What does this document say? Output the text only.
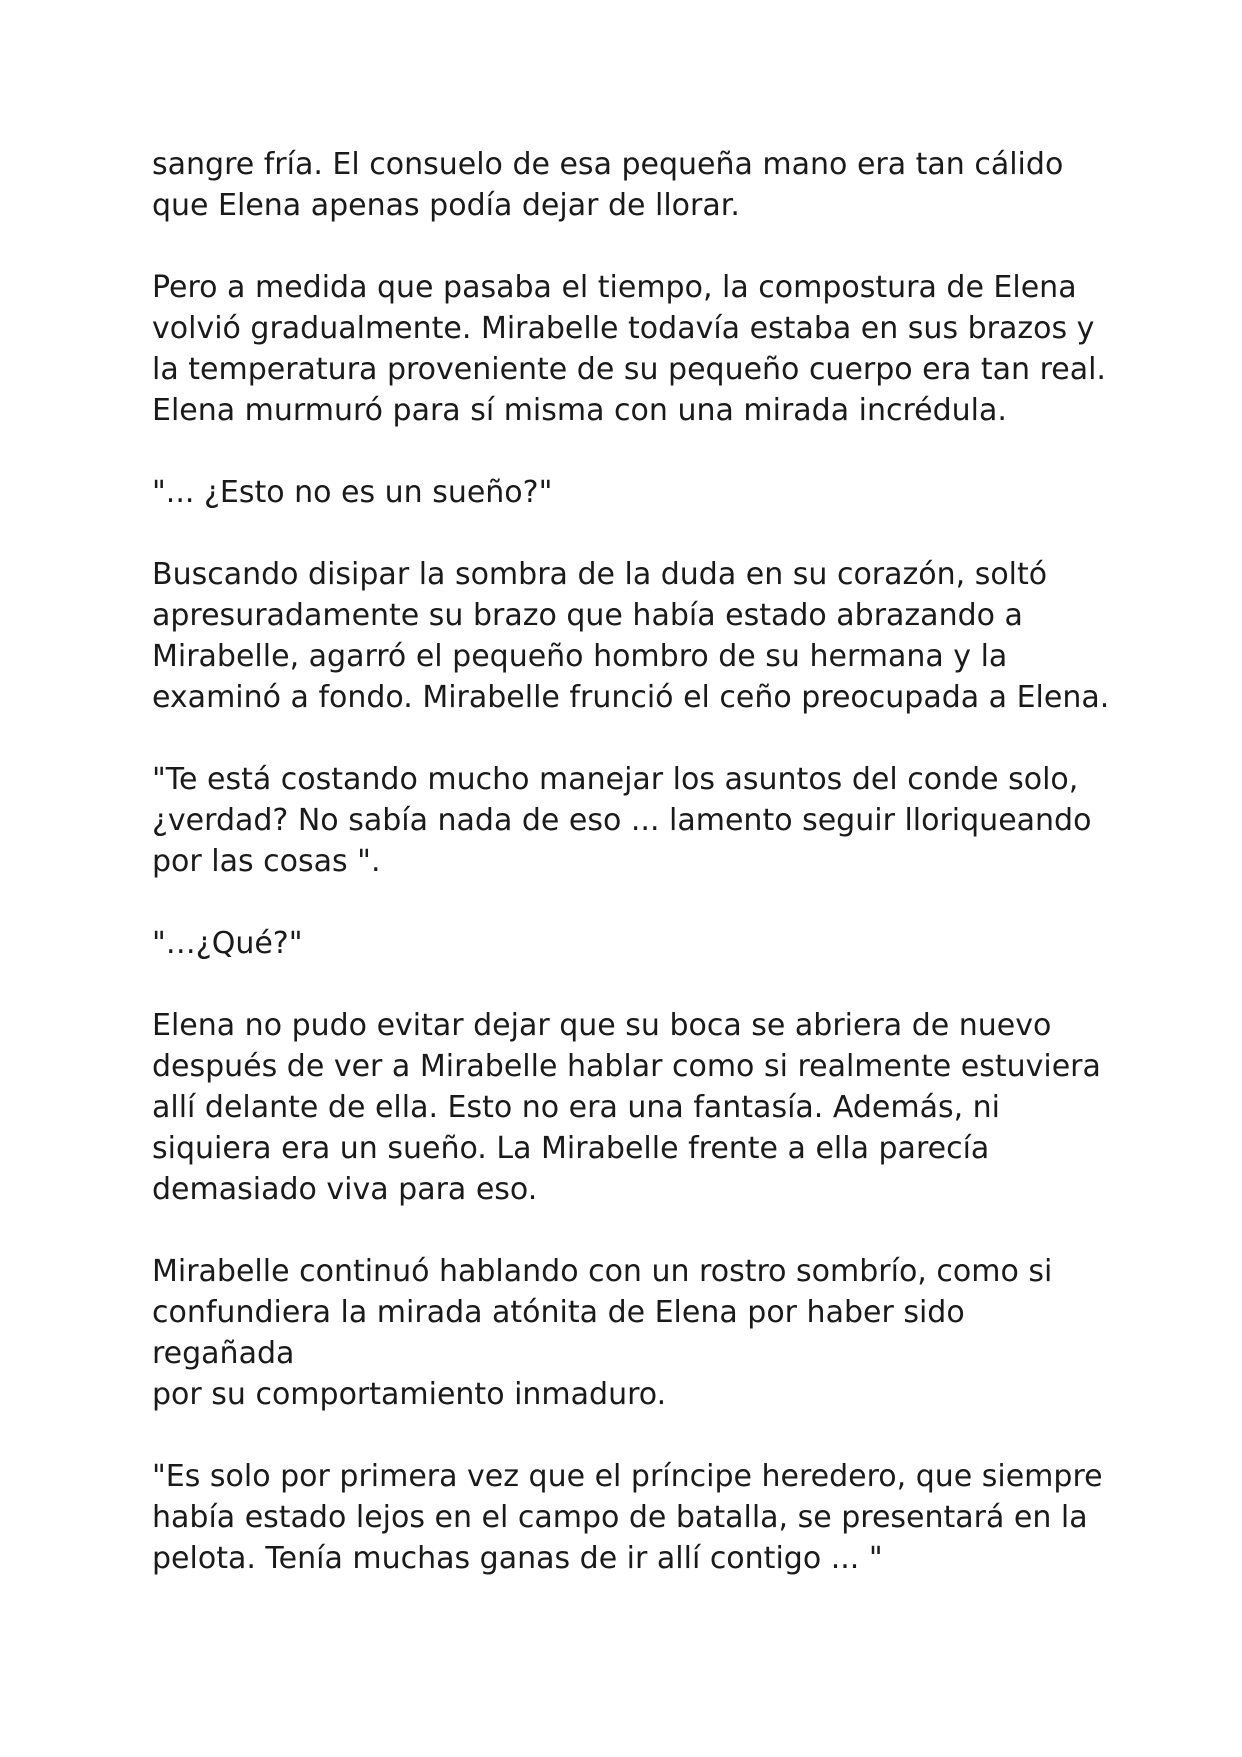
sangre fría. El consuelo de esa pequeña mano era tan cálido
que Elena apenas podía dejar de llorar.

Pero a medida que pasaba el tiempo, la compostura de Elena
volvió gradualmente. Mirabelle todavía estaba en sus brazos y
la temperatura proveniente de su pequeño cuerpo era tan real.
Elena murmuró para sí misma con una mirada incrédula.

"... ¿Esto no es un sueño?"

Buscando disipar la sombra de la duda en su corazón, soltó
apresuradamente su brazo que había estado abrazando a
Mirabelle, agarró el pequeño hombro de su hermana y la
examinó a fondo. Mirabelle frunció el ceño preocupada a Elena.

"Te está costando mucho manejar los asuntos del conde solo,
¿verdad? No sabía nada de eso ... lamento seguir lloriqueando
por las cosas ".

"…¿Qué?"

Elena no pudo evitar dejar que su boca se abriera de nuevo
después de ver a Mirabelle hablar como si realmente estuviera
allí delante de ella. Esto no era una fantasía. Además, ni
siquiera era un sueño. La Mirabelle frente a ella parecía
demasiado viva para eso.

Mirabelle continuó hablando con un rostro sombrío, como si
confundiera la mirada atónita de Elena por haber sido regañada
por su comportamiento inmaduro.

"Es solo por primera vez que el príncipe heredero, que siempre
había estado lejos en el campo de batalla, se presentará en la
pelota. Tenía muchas ganas de ir allí contigo ... "
